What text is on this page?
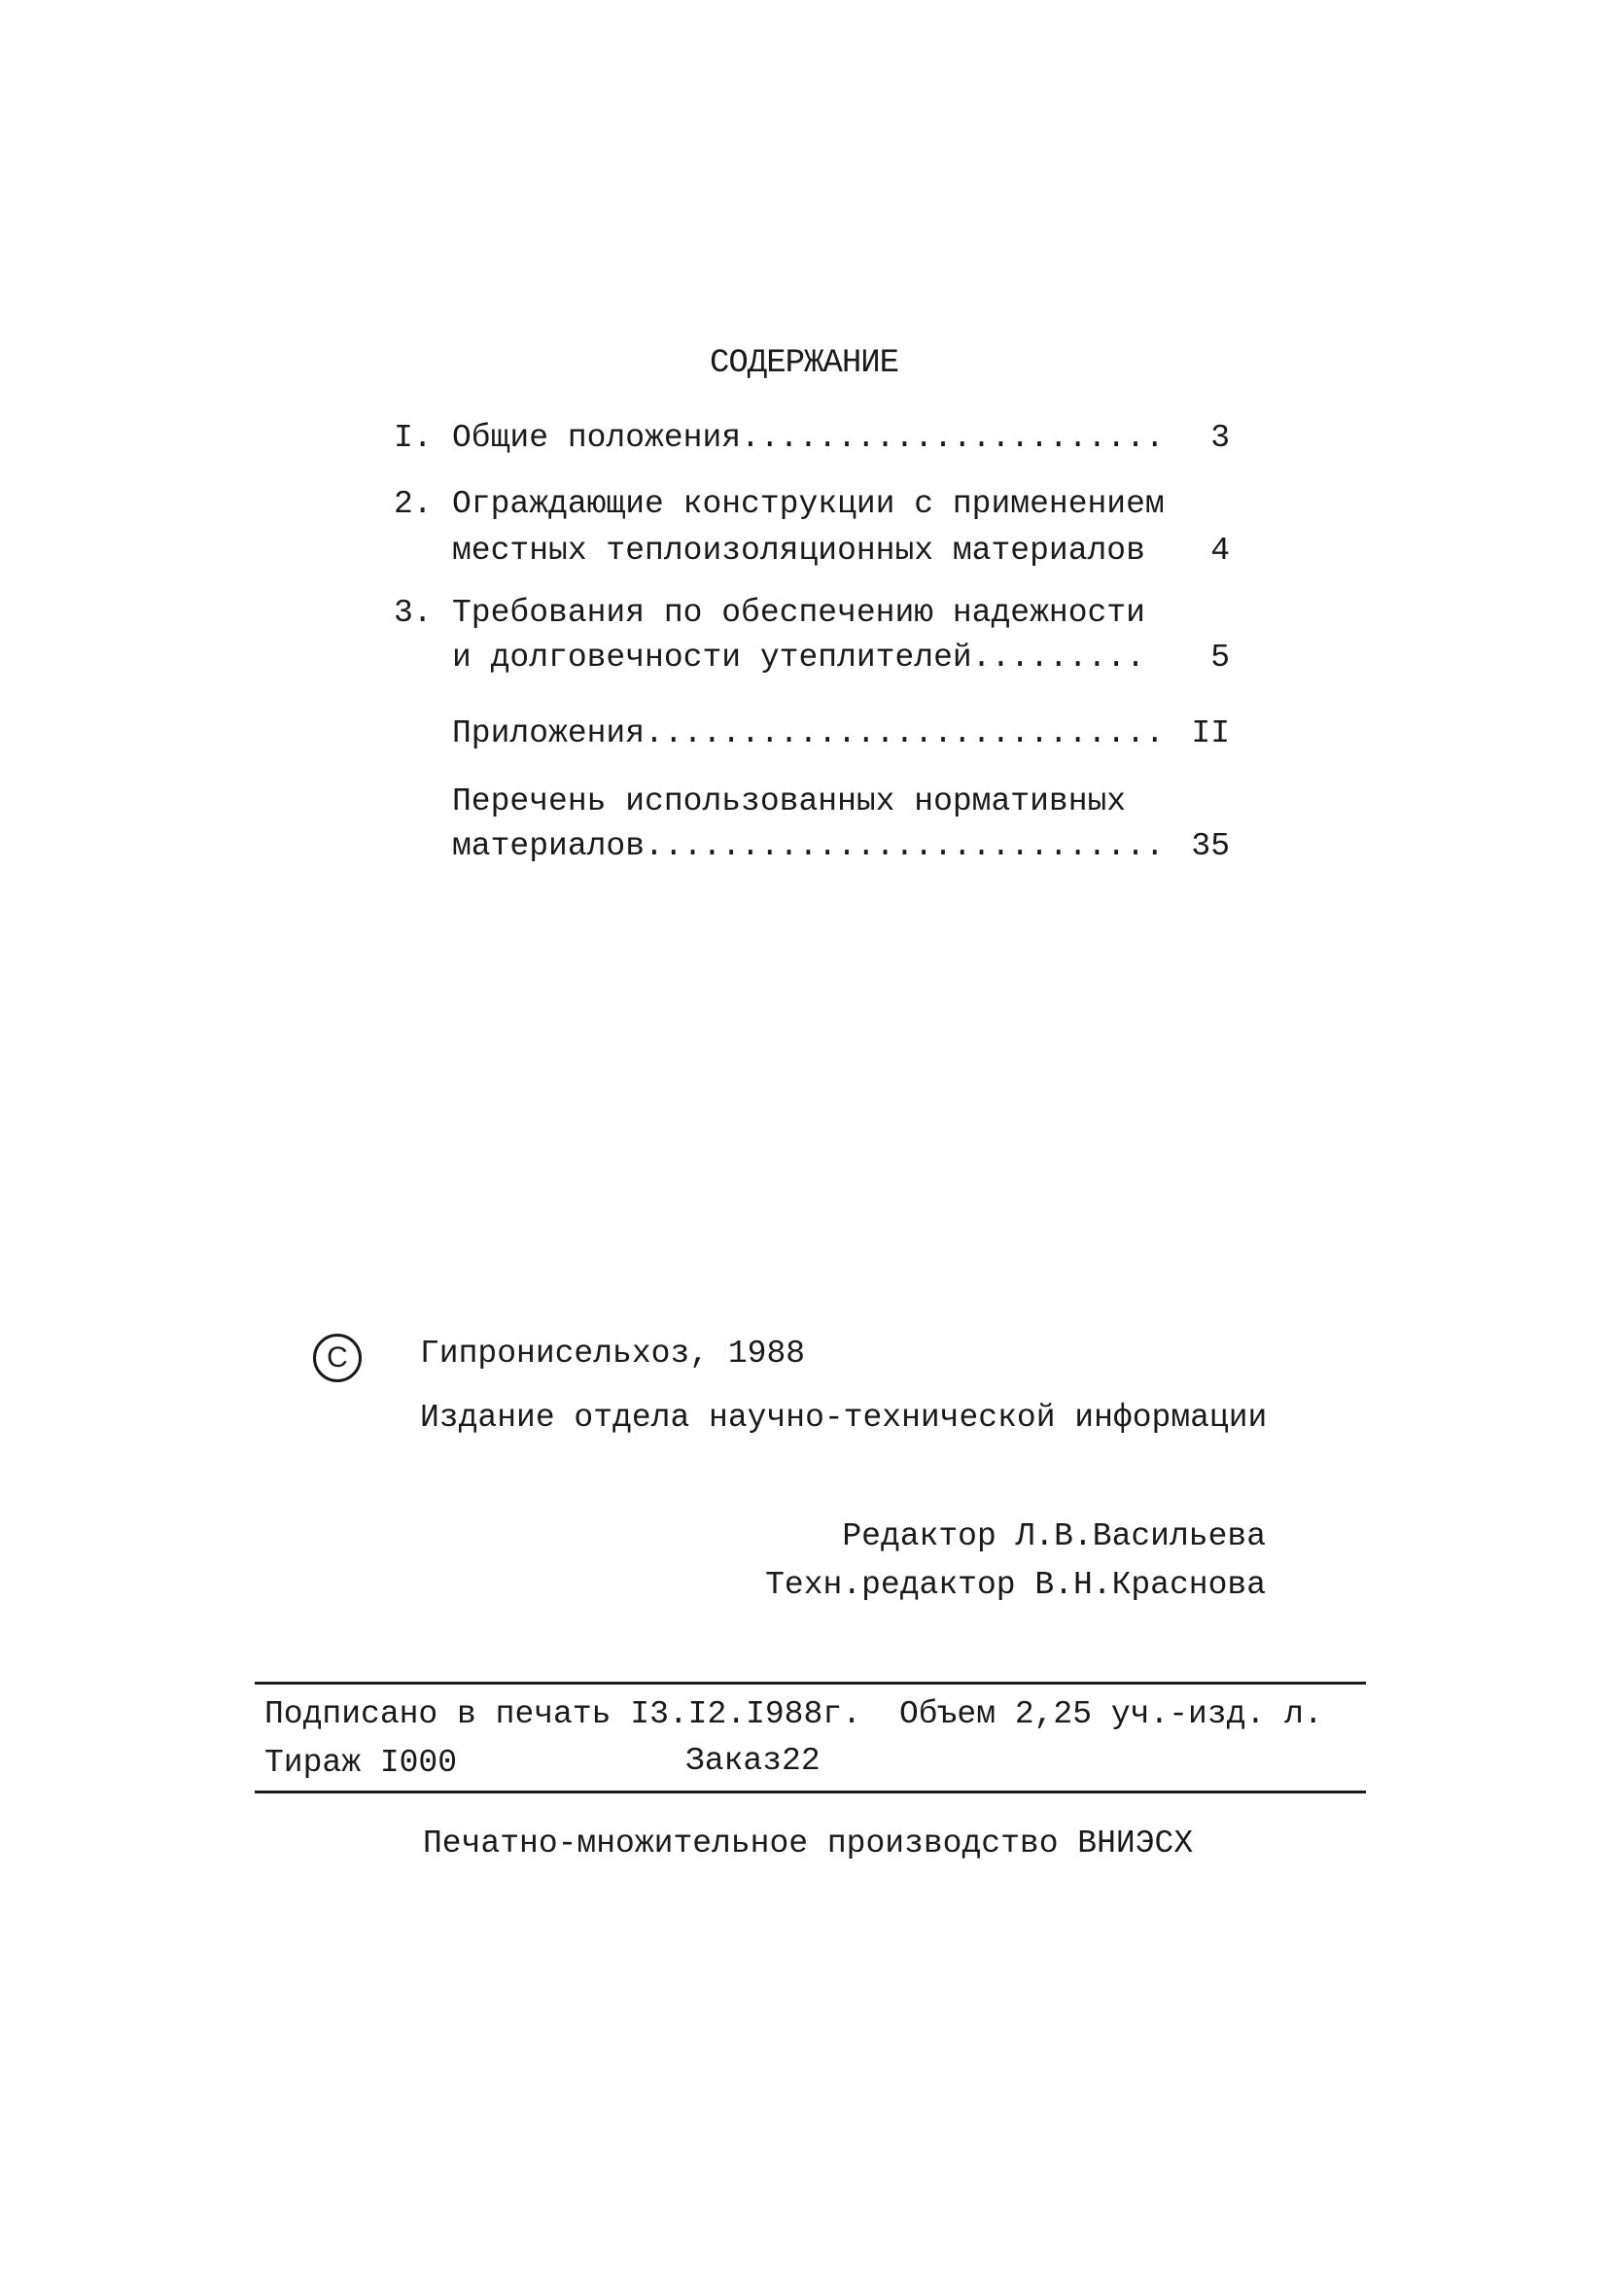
СОДЕРЖАНИЕ
I. Общие положения......................	3
2. Ограждающие конструкции с применением
местных теплоизоляционных материалов	4
3. Требования по обеспечению надежности
и долговечности утеплителей.........	5
Приложения........................... II
Перечень использованных нормативных
материалов........................... 35
C	Гипронисельхоз, 1988
Издание отдела научно-технической информации
Редактор Л.В.Васильева
Техн.редактор В.Н.Краснова
Подписано в печать I3.I2.I988г. Объем 2,25 уч.-изд. л.
Тираж I000	Заказ22
Печатно-множительное производство ВНИЭСХ
